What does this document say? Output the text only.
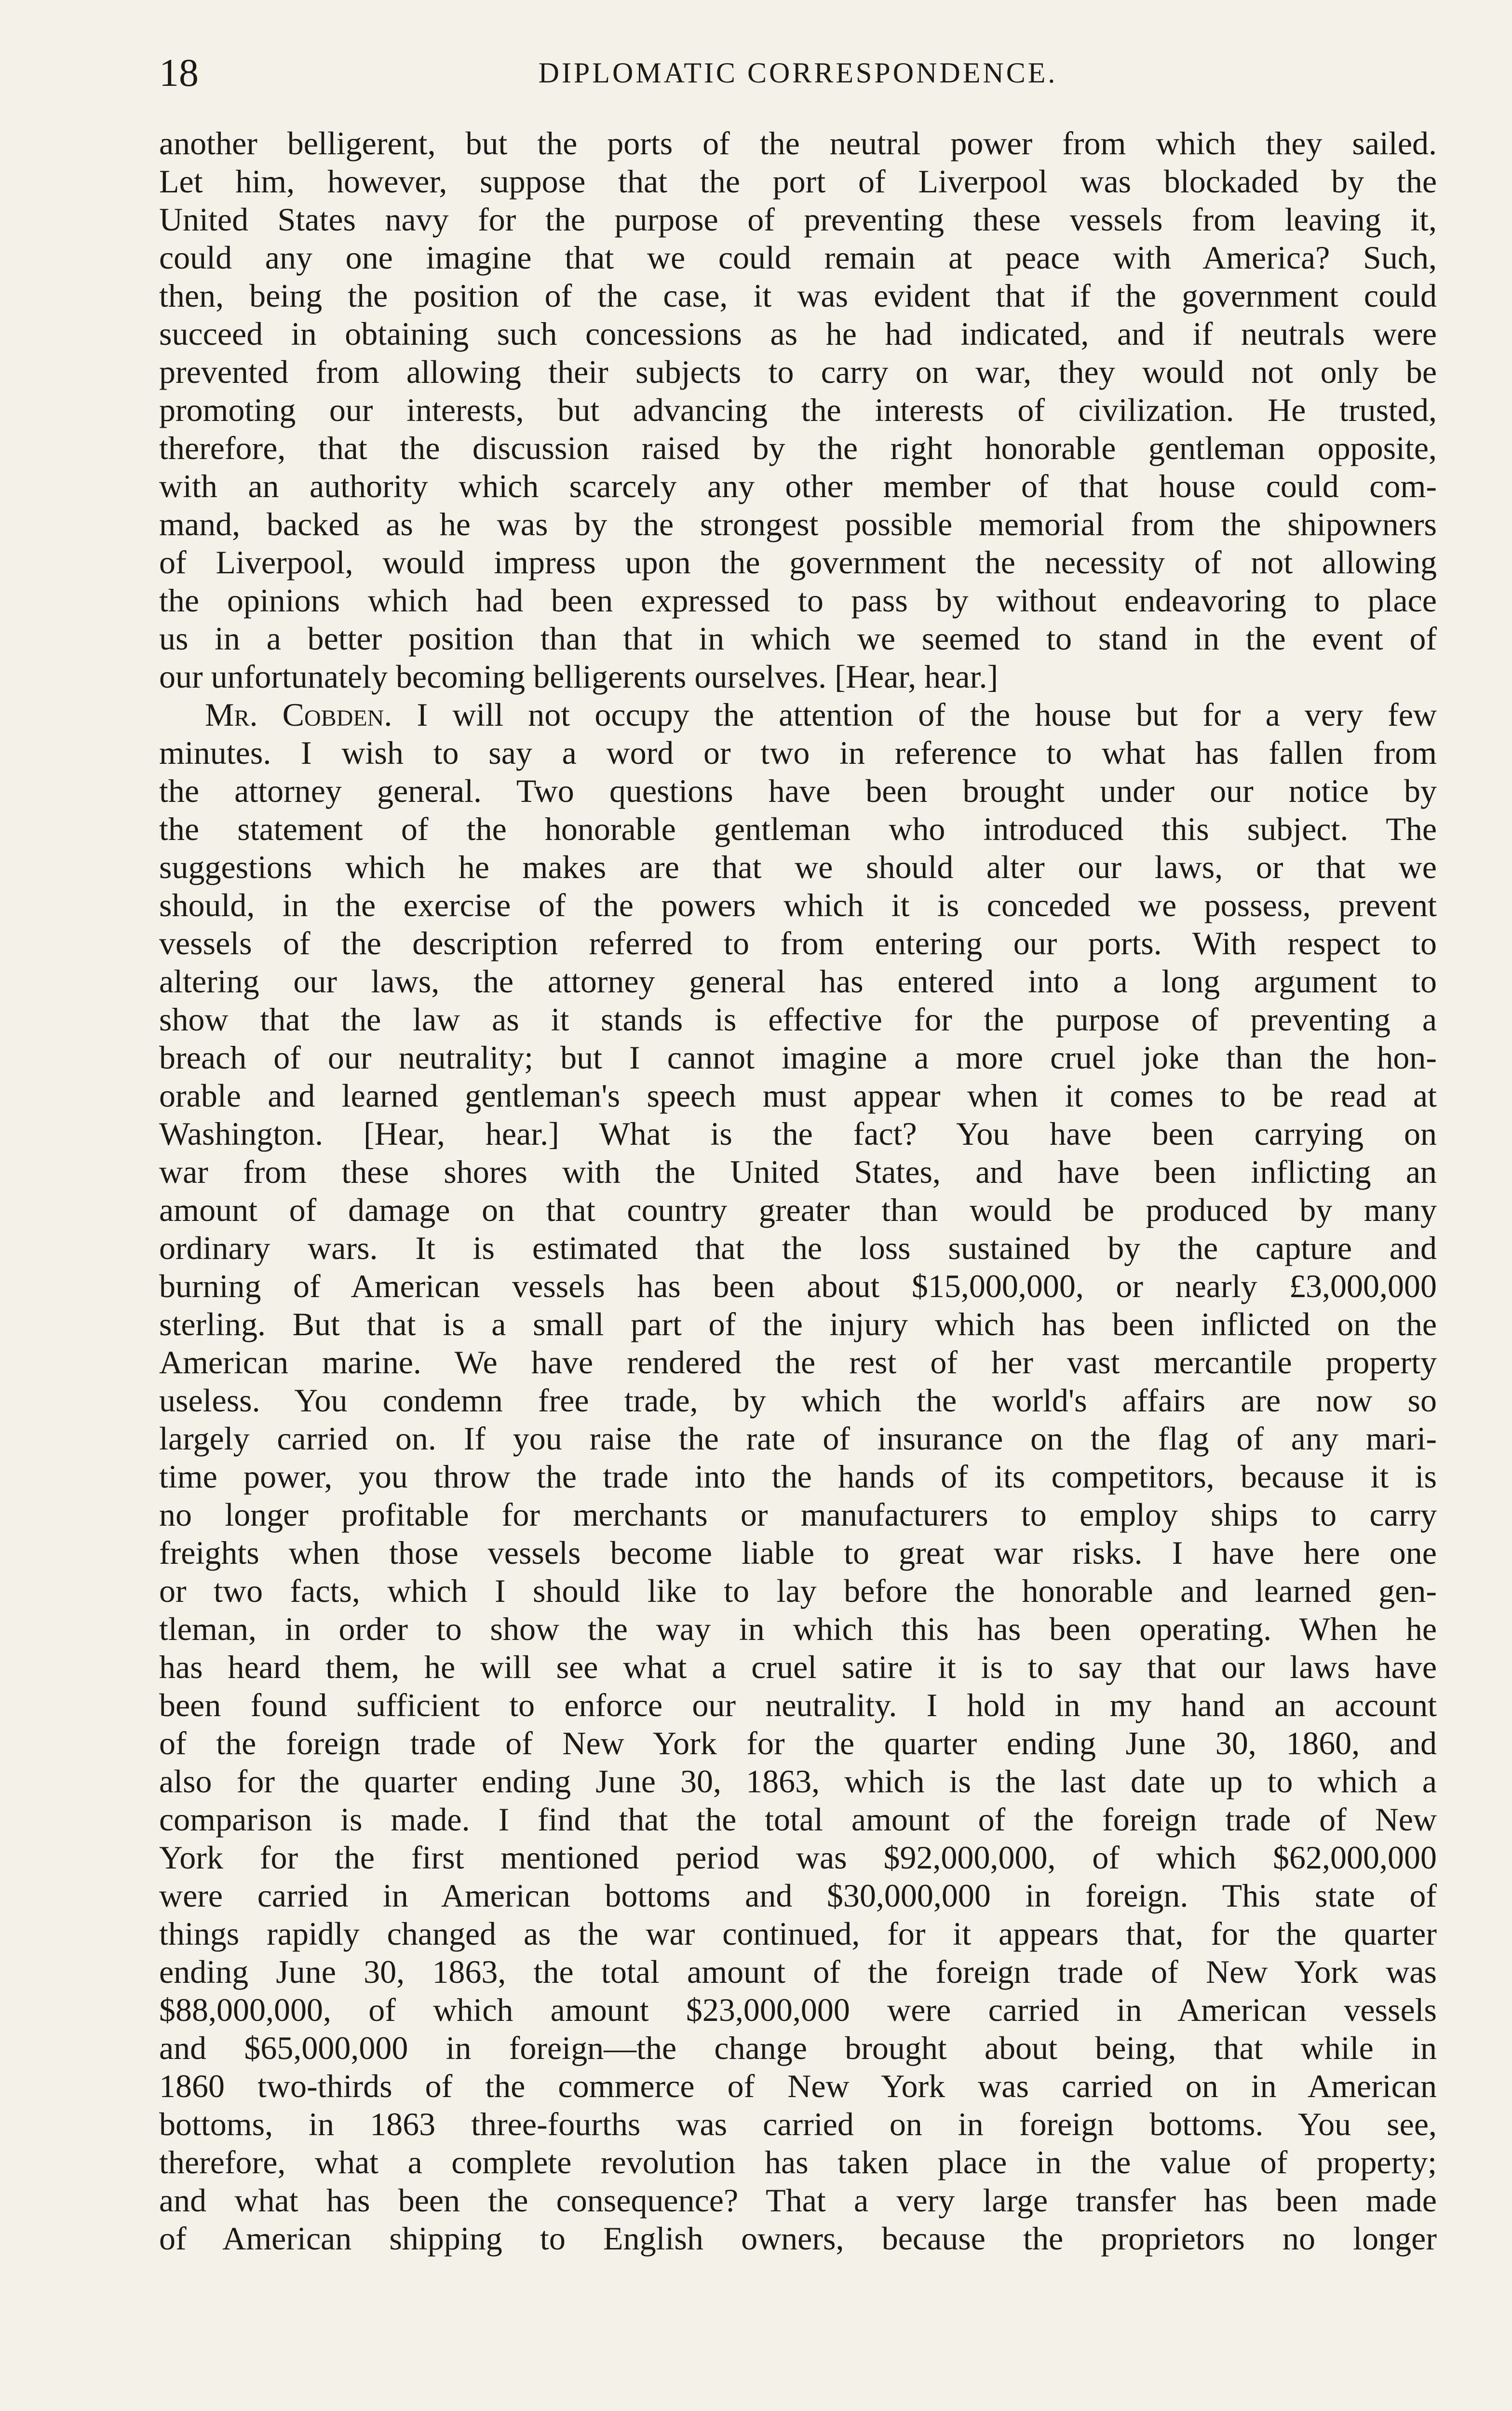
18	DIPLOMATIC CORRESPONDENCE.
another belligerent, but the ports of the neutral power from which they sailed.
Let him, however, suppose that the port of Liverpool was blockaded by the
United States navy for the purpose of preventing these vessels from leaving it,
could any one imagine that we could remain at peace with America? Such,
then, being the position of the case, it was evident that if the government could
succeed in obtaining such concessions as he had indicated, and if neutrals were
prevented from allowing their subjects to carry on war, they would not only be
promoting our interests, but advancing the interests of civilization. He trusted,
therefore, that the discussion raised by the right honorable gentleman opposite,
with an authority which scarcely any other member of that house could com-
mand, backed as he was by the strongest possible memorial from the shipowners
of Liverpool, would impress upon the government the necessity of not allowing
the opinions which had been expressed to pass by without endeavoring to place
us in a better position than that in which we seemed to stand in the event of
our unfortunately becoming belligerents ourselves. [Hear, hear.]
Mr. Cobden. I will not occupy the attention of the house but for a very few
minutes. I wish to say a word or two in reference to what has fallen from
the attorney general. Two questions have been brought under our notice by
the statement of the honorable gentleman who introduced this subject. The
suggestions which he makes are that we should alter our laws, or that we
should, in the exercise of the powers which it is conceded we possess, prevent
vessels of the description referred to from entering our ports. With respect to
altering our laws, the attorney general has entered into a long argument to
show that the law as it stands is effective for the purpose of preventing a
breach of our neutrality; but I cannot imagine a more cruel joke than the hon-
orable and learned gentleman's speech must appear when it comes to be read at
Washington. [Hear, hear.] What is the fact? You have been carrying on
war from these shores with the United States, and have been inflicting an
amount of damage on that country greater than would be produced by many
ordinary wars. It is estimated that the loss sustained by the capture and
burning of American vessels has been about $15,000,000, or nearly £3,000,000
sterling. But that is a small part of the injury which has been inflicted on the
American marine. We have rendered the rest of her vast mercantile property
useless. You condemn free trade, by which the world's affairs are now so
largely carried on. If you raise the rate of insurance on the flag of any mari-
time power, you throw the trade into the hands of its competitors, because it is
no longer profitable for merchants or manufacturers to employ ships to carry
freights when those vessels become liable to great war risks. I have here one
or two facts, which I should like to lay before the honorable and learned gen-
tleman, in order to show the way in which this has been operating. When he
has heard them, he will see what a cruel satire it is to say that our laws have
been found sufficient to enforce our neutrality. I hold in my hand an account
of the foreign trade of New York for the quarter ending June 30, 1860, and
also for the quarter ending June 30, 1863, which is the last date up to which a
comparison is made. I find that the total amount of the foreign trade of New
York for the first mentioned period was $92,000,000, of which $62,000,000
were carried in American bottoms and $30,000,000 in foreign. This state of
things rapidly changed as the war continued, for it appears that, for the quarter
ending June 30, 1863, the total amount of the foreign trade of New York was
$88,000,000, of which amount $23,000,000 were carried in American vessels
and $65,000,000 in foreign—the change brought about being, that while in
1860 two-thirds of the commerce of New York was carried on in American
bottoms, in 1863 three-fourths was carried on in foreign bottoms. You see,
therefore, what a complete revolution has taken place in the value of property;
and what has been the consequence? That a very large transfer has been made
of American shipping to English owners, because the proprietors no longer
